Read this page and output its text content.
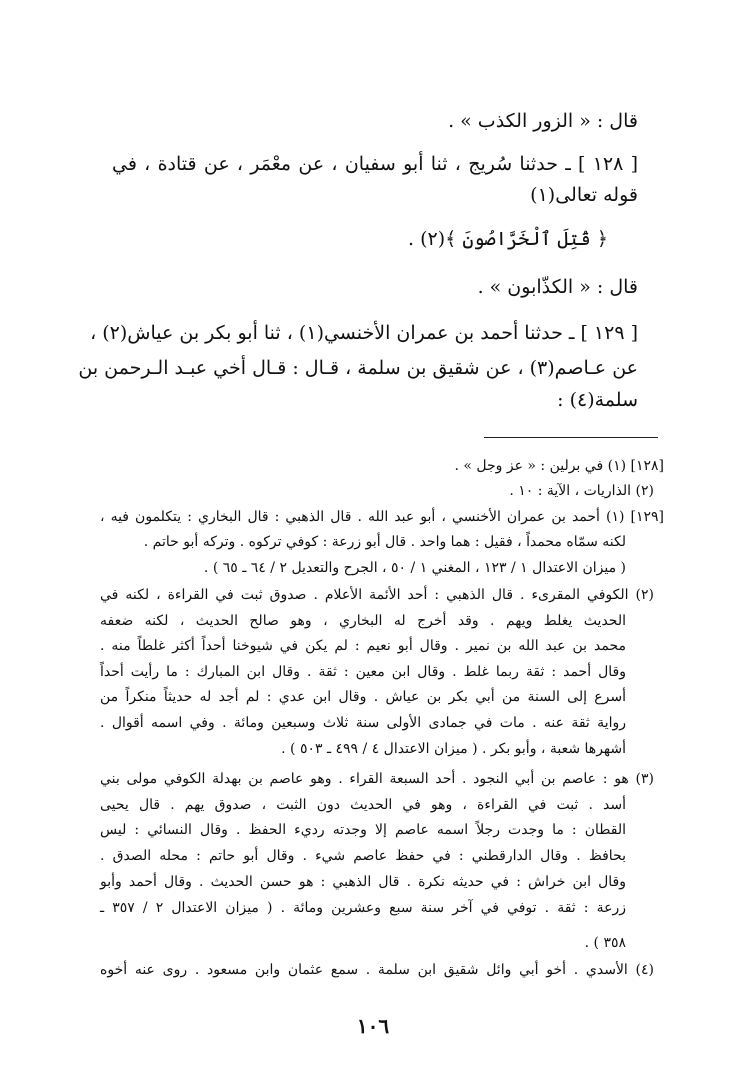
قال : « الزور الكذب » .
[ ١٢٨ ] ـ حدثنا سُريج ، ثنا أبو سفيان ، عن معْمَر ، عن قتادة ، في
قوله تعالى(١)
﴿ قُتِلَ ٱلْخَرَّاصُونَ ﴾(٢) .
قال : « الكذّابون » .
[ ١٢٩ ] ـ حدثنا أحمد بن عمران الأخنسي(١) ، ثنا أبو بكر بن عياش(٢) ،
عن عـاصم(٣) ، عن شقيق بن سلمة ، قـال : قـال أخي عبـد الـرحمن بن
سلمة(٤) :
[١٢٨] (١) في برلين : « عز وجل » .
(٢) الذاريات ، الآية : ١٠ .
[١٢٩] (١) أحمد بن عمران الأخنسي ، أبو عبد الله . قال الذهبي : قال البخاري : يتكلمون فيه ،
لكنه سمّاه محمداً ، فقيل : هما واحد . قال أبو زرعة : كوفي تركوه . وتركه أبو حاتم .
( ميزان الاعتدال ١ / ١٢٣ ، المغني ١ / ٥٠ ، الجرح والتعديل ٢ / ٦٤ ـ ٦٥ ) .
(٢) الكوفي المقرىء . قال الذهبي : أحد الأئمة الأعلام . صدوق ثبت في القراءة ، لكنه في
الحديث يغلط ويهم . وقد أخرج له البخاري ، وهو صالح الحديث ، لكنه ضعفه
محمد بن عبد الله بن نمير . وقال أبو نعيم : لم يكن في شيوخنا أحداً أكثر غلطاً منه .
وقال أحمد : ثقة ربما غلط . وقال ابن معين : ثقة . وقال ابن المبارك : ما رأيت أحداً
أسرع إلى السنة من أبي بكر بن عياش . وقال ابن عدي : لم أجد له حديثاً منكراً من
رواية ثقة عنه . مات في جمادى الأولى سنة ثلاث وسبعين ومائة . وفي اسمه أقوال .
أشهرها شعبة ، وأبو بكر . ( ميزان الاعتدال ٤ / ٤٩٩ ـ ٥٠٣ ) .
(٣) هو : عاصم بن أبي النجود . أحد السبعة القراء . وهو عاصم بن بهدلة الكوفي مولى بني
أسد . ثبت في القراءة ، وهو في الحديث دون الثبت ، صدوق يهم . قال يحيى
القطان : ما وجدت رجلاً اسمه عاصم إلا وجدته رديء الحفظ . وقال النسائي : ليس
بحافظ . وقال الدارقطني : في حفظ عاصم شيء . وقال أبو حاتم : محله الصدق .
وقال ابن خراش : في حديثه نكرة . قال الذهبي : هو حسن الحديث . وقال أحمد وأبو
زرعة : ثقة . توفي في آخر سنة سبع وعشرين ومائة . ( ميزان الاعتدال ٢ / ٣٥٧ ـ
٣٥٨ ) .
(٤) الأسدي . أخو أبي وائل شقيق ابن سلمة . سمع عثمان وابن مسعود . روى عنه أخوه
١٠٦
